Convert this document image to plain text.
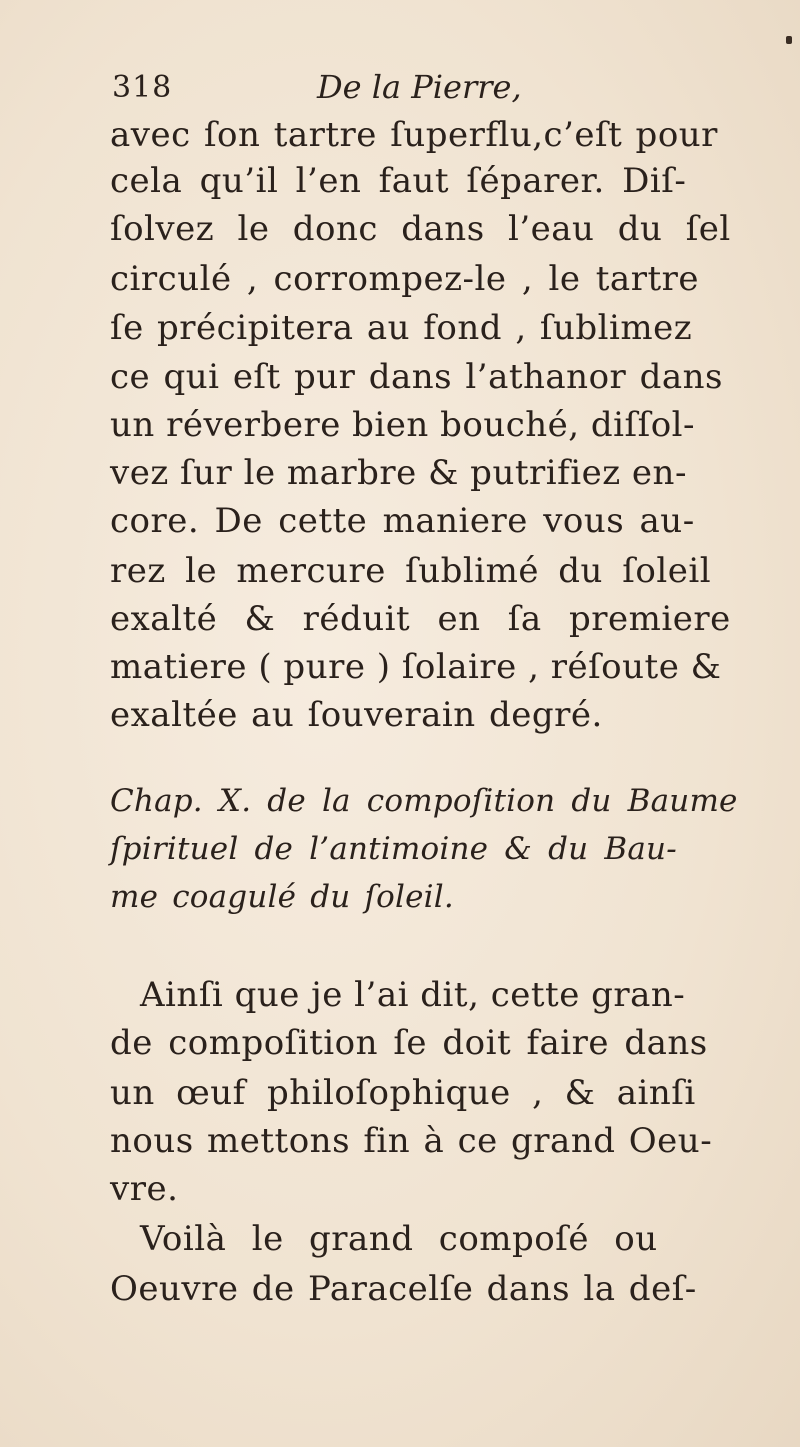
318	De la Pierre,
avec ſon tartre ſuperflu,c’eſt pour
cela qu’il l’en faut ſéparer. Diſ-
ſolvez le donc dans l’eau du ſel
circulé , corrompez-le , le tartre
ſe précipitera au fond , ſublimez
ce qui eſt pur dans l’athanor dans
un réverbere bien bouché, diſſol-
vez ſur le marbre & putrifiez en-
core. De cette maniere vous au-
rez le mercure ſublimé du ſoleil
exalté & réduit en ſa premiere
matiere ( pure ) ſolaire , réſoute &
exaltée au ſouverain degré.
Chap. X. de la compoſition du Baume
ſpirituel de l’antimoine & du Bau-
me coagulé du ſoleil.
Ainſi que je l’ai dit, cette gran-
de compoſition ſe doit faire dans
un œuf philoſophique , & ainſi
nous mettons fin à ce grand Oeu-
vre.
Voilà le grand compoſé ou
Oeuvre de Paracelſe dans la deſ-
